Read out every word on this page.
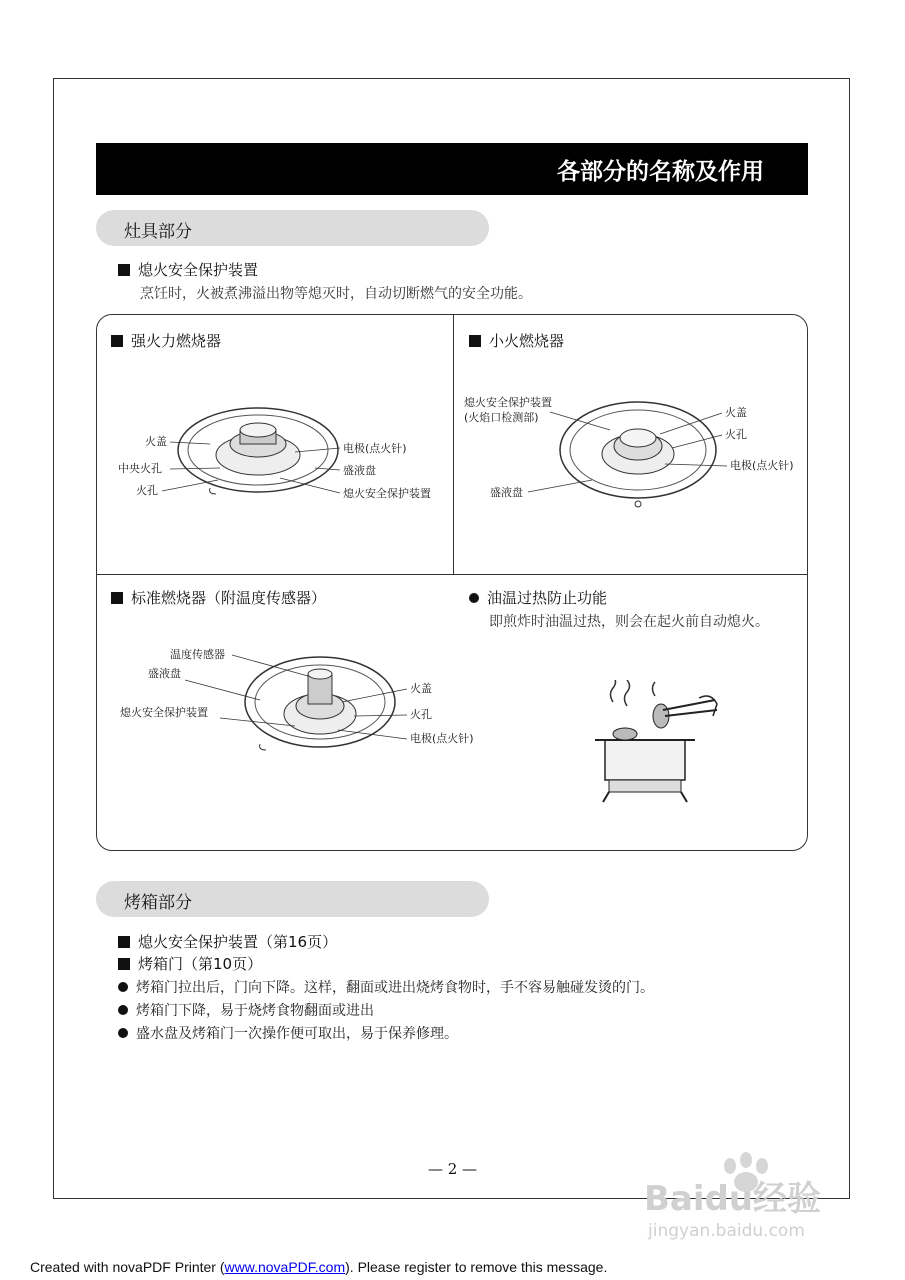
各部分的名称及作用
灶具部分
熄火安全保护装置
烹饪时，火被煮沸溢出物等熄灭时，自动切断燃气的安全功能。
强火力燃烧器
火盖
中央火孔
火孔
电极(点火针)
盛液盘
熄火安全保护装置
小火燃烧器
熄火安全保护装置
(火焰口检测部)	火盖
火孔
电极(点火针)
盛液盘
标准燃烧器（附温度传感器）
温度传感器
盛液盘
熄火安全保护装置
火盖
火孔
电极(点火针)
油温过热防止功能
即煎炸时油温过热，则会在起火前自动熄火。
烤箱部分
熄火安全保护装置（第16页）
烤箱门（第10页）
烤箱门拉出后，门向下降。这样，翻面或进出烧烤食物时，手不容易触碰发烫的门。
烤箱门下降，易于烧烤食物翻面或进出
盛水盘及烤箱门一次操作便可取出，易于保养修理。
— 2 —
Baidu经验
jingyan.baidu.com
Created with novaPDF Printer (www.novaPDF.com). Please register to remove this message.
